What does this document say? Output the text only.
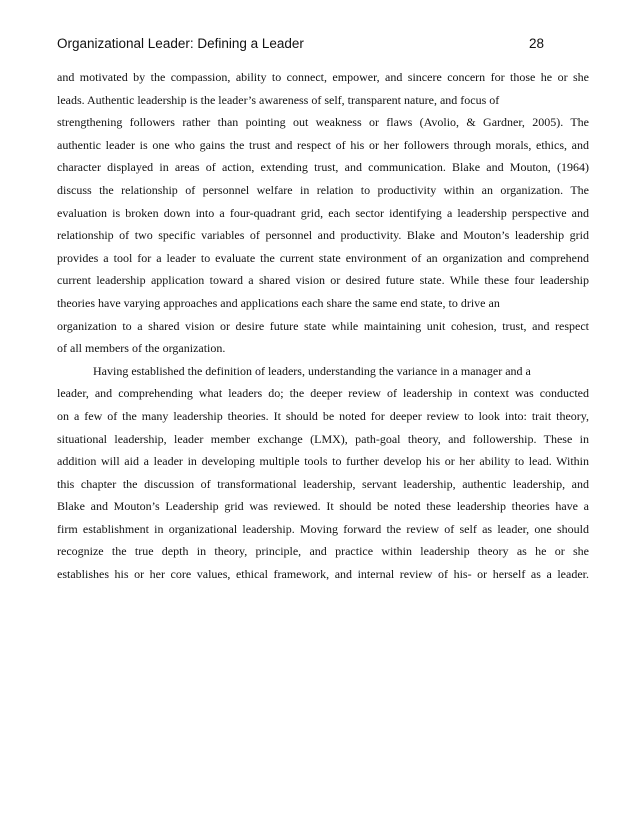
Organizational Leader: Defining a Leader	28
and motivated by the compassion, ability to connect, empower, and sincere concern for those he or she
leads. Authentic leadership is the leader’s awareness of self, transparent nature, and focus of
strengthening followers rather than pointing out weakness or flaws (Avolio, & Gardner, 2005). The
authentic leader is one who gains the trust and respect of his or her followers through morals, ethics, and
character displayed in areas of action, extending trust, and communication. Blake and Mouton, (1964)
discuss the relationship of personnel welfare in relation to productivity within an organization. The
evaluation is broken down into a four-quadrant grid, each sector identifying a leadership perspective and
relationship of two specific variables of personnel and productivity. Blake and Mouton’s leadership grid
provides a tool for a leader to evaluate the current state environment of an organization and comprehend
current leadership application toward a shared vision or desired future state. While these four leadership
theories have varying approaches and applications each share the same end state, to drive an
organization to a shared vision or desire future state while maintaining unit cohesion, trust, and respect
of all members of the organization.
Having established the definition of leaders, understanding the variance in a manager and a
leader, and comprehending what leaders do; the deeper review of leadership in context was conducted
on a few of the many leadership theories. It should be noted for deeper review to look into: trait theory,
situational leadership, leader member exchange (LMX), path-goal theory, and followership. These in
addition will aid a leader in developing multiple tools to further develop his or her ability to lead. Within
this chapter the discussion of transformational leadership, servant leadership, authentic leadership, and
Blake and Mouton’s Leadership grid was reviewed. It should be noted these leadership theories have a
firm establishment in organizational leadership. Moving forward the review of self as leader, one should
recognize the true depth in theory, principle, and practice within leadership theory as he or she
establishes his or her core values, ethical framework, and internal review of his- or herself as a leader.
